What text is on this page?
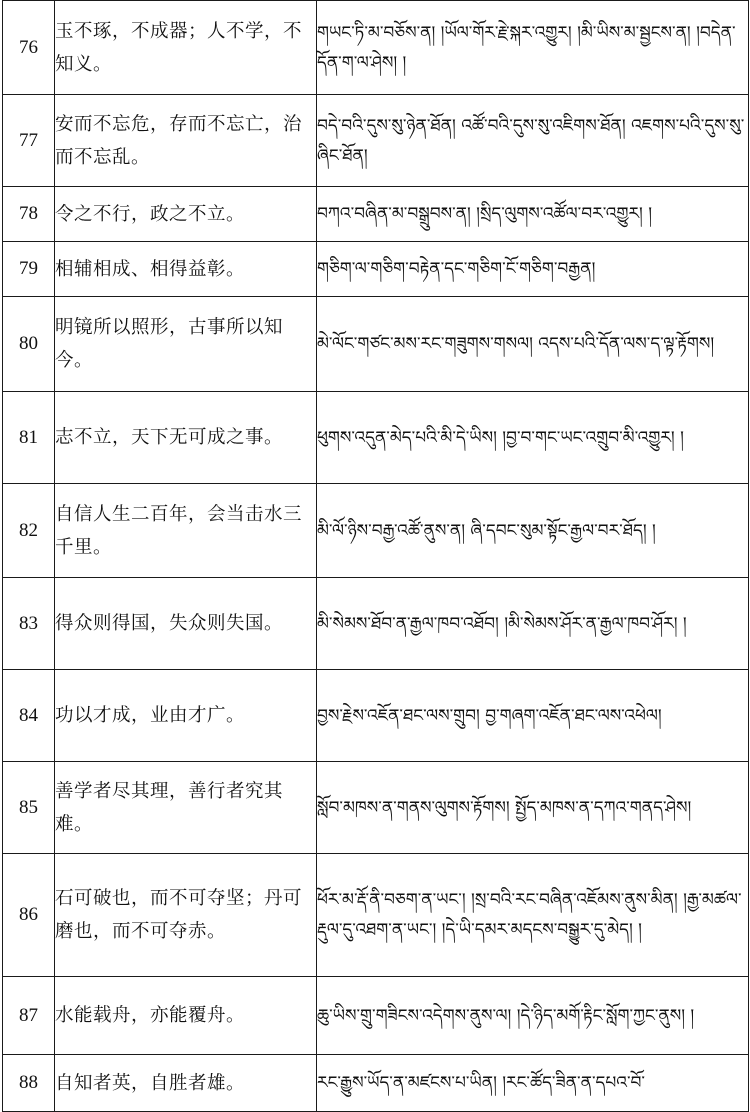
76	玉不琢，不成器；人不学，不知义。	གཡང་ཏི་མ་བཅོས་ན། །ཡོལ་གོར་རྗེ་སྐར་འགྱུར། །མི་ཡིས་མ་སྦྱངས་ན། །བདེན་དོན་ག་ལ་ཤེས། །
77	安而不忘危，存而不忘亡，治而不忘乱。	བདེ་བའི་དུས་སུ་ཉེན་ཐོན། འཚོ་བའི་དུས་སུ་འཇིགས་ཐོན། འཇགས་པའི་དུས་སུ་ཞིང་ཐོན།
78	令之不行，政之不立。	བཀའ་བཞིན་མ་བསྒྲུབས་ན། །སྲིད་ལུགས་འཚོལ་བར་འགྱུར། །
79	相辅相成、相得益彰。	གཅིག་ལ་གཅིག་བརྟེན་དང་གཅིག་ངོ་གཅིག་བརྒྱན།
80	明镜所以照形，古事所以知今。	མེ་ལོང་གཙང་མས་རང་གཟུགས་གསལ། འདས་པའི་དོན་ལས་ད་ལྟ་རྟོགས།
81	志不立，天下无可成之事。	ཕུགས་འདུན་མེད་པའི་མི་དེ་ཡིས། །བྱ་བ་གང་ཡང་འགྲུབ་མི་འགྱུར། །
82	自信人生二百年，会当击水三千里。	མི་ལོ་ཉིས་བརྒྱ་འཚོ་ནུས་ན། ཞི་དབང་སུམ་སྟོང་རྒྱལ་བར་ཐོད། །
83	得众则得国，失众则失国。	མི་སེམས་ཐོབ་ན་རྒྱལ་ཁབ་འཐོབ། །མི་སེམས་ཤོར་ན་རྒྱལ་ཁབ་ཤོར། །
84	功以才成，业由才广。	བྱས་རྗེས་འཇོན་ཐང་ལས་གྲུབ། བྱ་གཞག་འཇོན་ཐང་ལས་འཕེལ།
85	善学者尽其理，善行者究其难。	སློབ་མཁས་ན་གནས་ལུགས་རྟོགས། སྤྱོད་མཁས་ན་དཀའ་གནད་ཤེས།
86	石可破也，而不可夺坚；丹可磨也，而不可夺赤。	ཕོར་མ་རྡོ་ནི་བཅག་ན་ཡང་། །སྲ་བའི་རང་བཞིན་འཇོམས་ནུས་མིན། །རྒྱ་མཚལ་རྡུལ་དུ་འཐག་ན་ཡང་། །དེ་ཡི་དམར་མདངས་བསྒྱུར་དུ་མེད། །
87	水能载舟，亦能覆舟。	ཆུ་ཡིས་གྲུ་གཟིངས་འདེགས་ནུས་ལ། །དེ་ཉིད་མགོ་རྟིང་སློག་ཀྱང་ནུས། །
88	自知者英，自胜者雄。	རང་རྒྱུས་ཡོད་ན་མཛངས་པ་ཡིན། །རང་ཚོད་ཟིན་ན་དཔའ་བོ་
